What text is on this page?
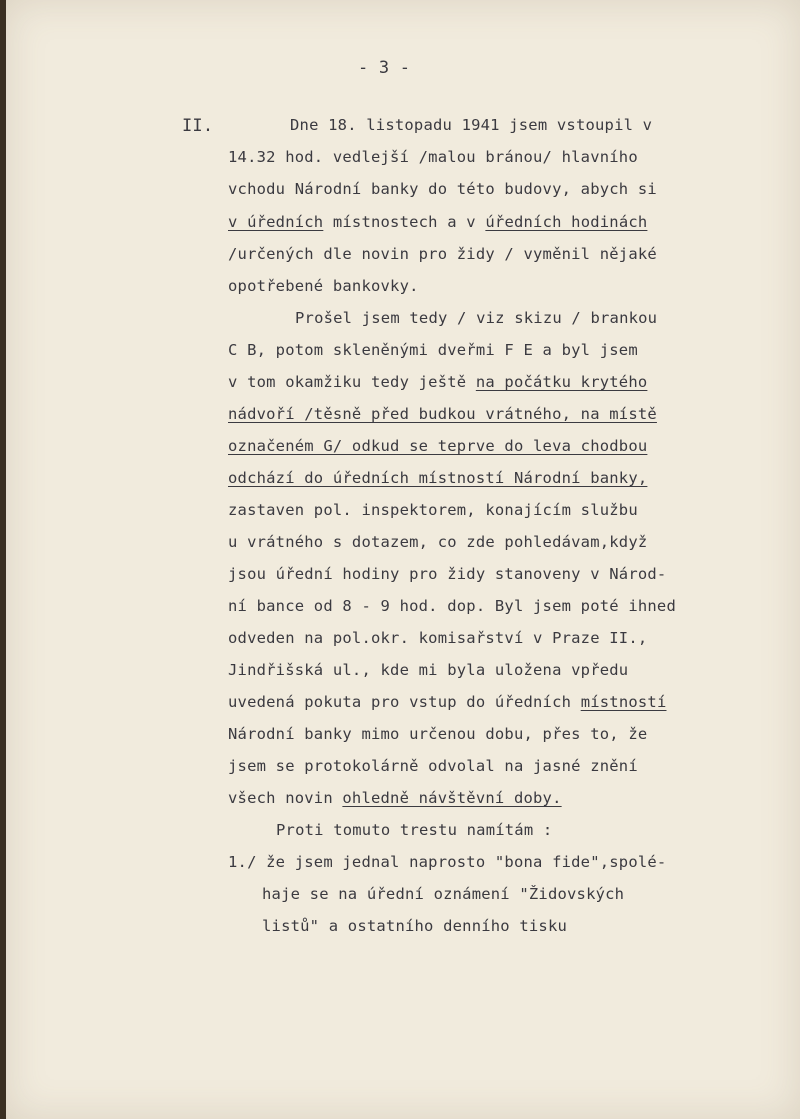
- 3 -
II.	Dne 18. listopadu 1941 jsem vstoupil v
14.32 hod. vedlejší /malou bránou/ hlavního
vchodu Národní banky do této budovy, abych si
v úředních místnostech a v úředních hodinách
/určených dle novin pro židy / vyměnil nějaké
opotřebené bankovky.
Prošel jsem tedy / viz skizu / brankou
C B, potom skleněnými dveřmi F E a byl jsem
v tom okamžiku tedy ještě na počátku krytého
nádvoří /těsně před budkou vrátného, na místě
označeném G/ odkud se teprve do leva chodbou
odchází do úředních místností Národní banky,
zastaven pol. inspektorem, konajícím službu
u vrátného s dotazem, co zde pohledávam,když
jsou úřední hodiny pro židy stanoveny v Národ-
ní bance od 8 - 9 hod. dop. Byl jsem poté ihned
odveden na pol.okr. komisařství v Praze II.,
Jindřišská ul., kde mi byla uložena vpředu
uvedená pokuta pro vstup do úředních místností
Národní banky mimo určenou dobu, přes to, že
jsem se protokolárně odvolal na jasné znění
všech novin ohledně návštěvní doby.
Proti tomuto trestu namítám :
1./ že jsem jednal naprosto "bona fide",spolé-
haje se na úřední oznámení "Židovských
listů" a ostatního denního tisku
